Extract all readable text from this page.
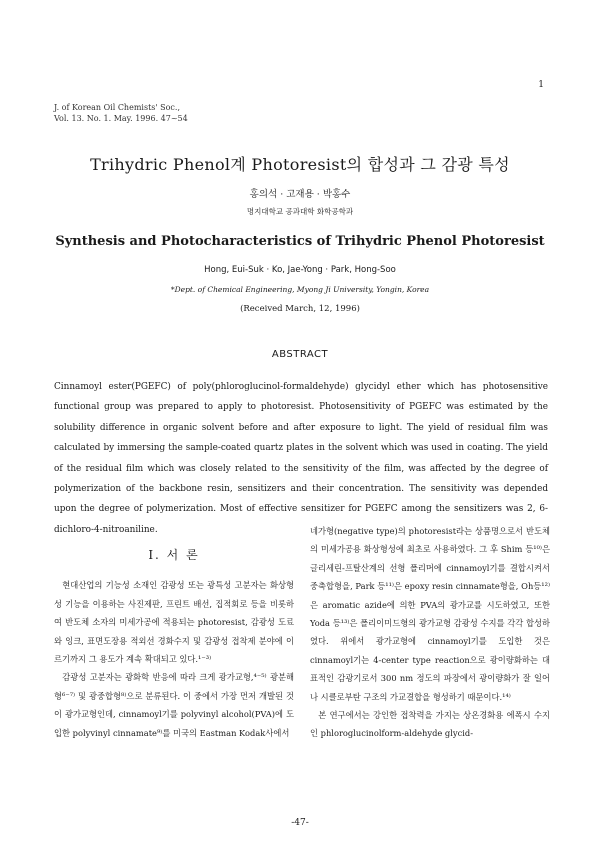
1
J. of Korean Oil Chemists' Soc.,
Vol. 13. No. 1. May. 1996. 47~54
Trihydric Phenol계 Photoresist의 합성과 그 감광 특성
홍의석 · 고재용 · 박홍수
명지대학교 공과대학 화학공학과
Synthesis and Photocharacteristics of Trihydric Phenol Photoresist
Hong, Eui-Suk · Ko, Jae-Yong · Park, Hong-Soo
*Dept. of Chemical Engineering, Myong Ji University, Yongin, Korea
(Received March, 12, 1996)
ABSTRACT
Cinnamoyl ester(PGEFC) of poly(phloroglucinol-formaldehyde) glycidyl ether which has photosensitive functional group was prepared to apply to photoresist. Photosensitivity of PGEFC was estimated by the solubility difference in organic solvent before and after exposure to light. The yield of residual film was calculated by immersing the sample-coated quartz plates in the solvent which was used in coating. The yield of the residual film which was closely related to the sensitivity of the film, was affected by the degree of polymerization of the backbone resin, sensitizers and their concentration. The sensitivity was depended upon the degree of polymerization. Most of effective sensitizer for PGEFC among the sensitizers was 2, 6-dichloro-4-nitroaniline.
Ⅰ. 서 론

현대산업의 기능성 소재인 감광성 또는 광특성 고분자는 화상형성 기능을 이용하는 사진제판, 프린트 배선, 집적회로 등을 비롯하여 반도체 소자의 미세가공에 적용되는 photoresist, 감광성 도료와 잉크, 표면도장용 적외선 경화수지 및 감광성 접착제 분야에 이르기까지 그 용도가 계속 확대되고 있다.¹⁻³⁾

감광성 고분자는 광화학 반응에 따라 크게 광가교형,⁴⁻⁵⁾ 광분해형⁶⁻⁷⁾ 및 광중합형⁸⁾으로 분류된다. 이 중에서 가장 먼저 개발된 것이 광가교형인데, cinnamoyl기를 polyvinyl alcohol(PVA)에 도입한 polyvinyl cinnamate⁹⁾를 미국의 Eastman Kodak사에서

네가형(negative type)의 photoresist라는 상품명으로서 반도체의 미세가공용 화상형성에 최초로 사용하였다. 그 후 Shim 등¹⁰⁾은 글리세린-프탈산계의 선형 폴리머에 cinnamoyl기를 결합시켜서 중축합형을, Park 등¹¹⁾은 epoxy resin cinnamate형을, Oh등¹²⁾은 aromatic azide에 의한 PVA의 광가교를 시도하였고, 또한 Yoda 등¹³⁾은 폴리이미드형의 광가교형 감광성 수지를 각각 합성하였다. 위에서 광가교형에 cinnamoyl기를 도입한 것은 cinnamoyl기는 4-center type reaction으로 광이량화하는 대표적인 감광기로서 300 nm 정도의 파장에서 광이량화가 잘 일어나 시클로부탄 구조의 가교결합을 형성하기 때문이다.¹⁴⁾

본 연구에서는 강인한 접착력을 가지는 상온경화용 에폭시 수지인 phloroglucinolform-aldehyde glycid-

-47-
